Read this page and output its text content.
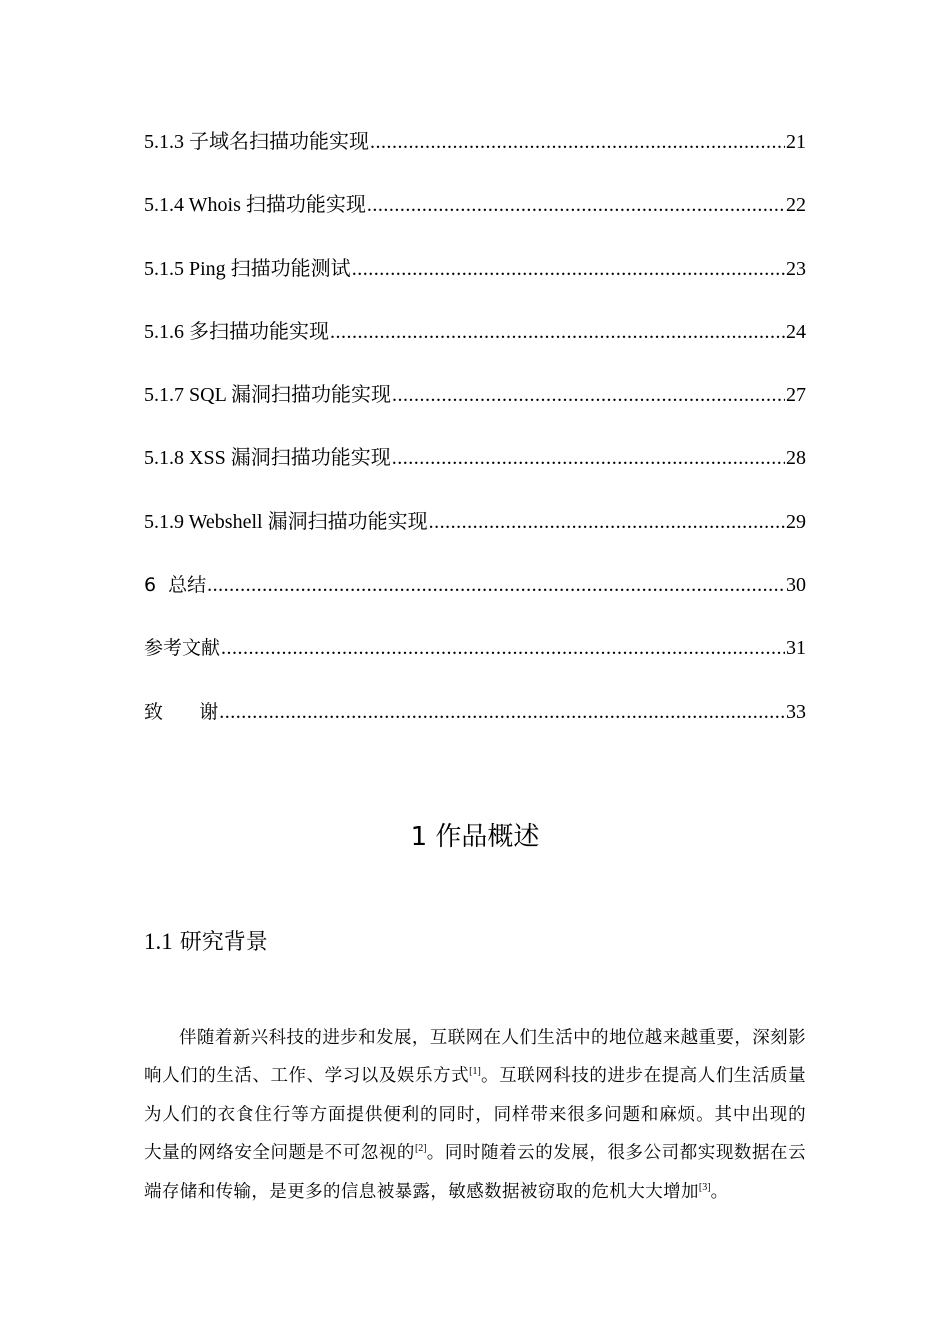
5.1.3 子域名扫描功能实现 .....	21
5.1.4 Whois 扫描功能实现 .....	22
5.1.5 Ping 扫描功能测试 .....	23
5.1.6 多扫描功能实现 .....	24
5.1.7 SQL 漏洞扫描功能实现 .....	27
5.1.8 XSS 漏洞扫描功能实现 .....	28
5.1.9 Webshell 漏洞扫描功能实现 .....	29
6  总结 .....	30
参考文献 .....	31
致      谢 .....	33
1 作品概述
1.1 研究背景

伴随着新兴科技的进步和发展，互联网在人们生活中的地位越来越重要，深刻影响人们的生活、工作、学习以及娱乐方式[1]。互联网科技的进步在提高人们生活质量为人们的衣食住行等方面提供便利的同时，同样带来很多问题和麻烦。其中出现的大量的网络安全问题是不可忽视的[2]。同时随着云的发展，很多公司都实现数据在云端存储和传输，是更多的信息被暴露，敏感数据被窃取的危机大大增加[3]。
